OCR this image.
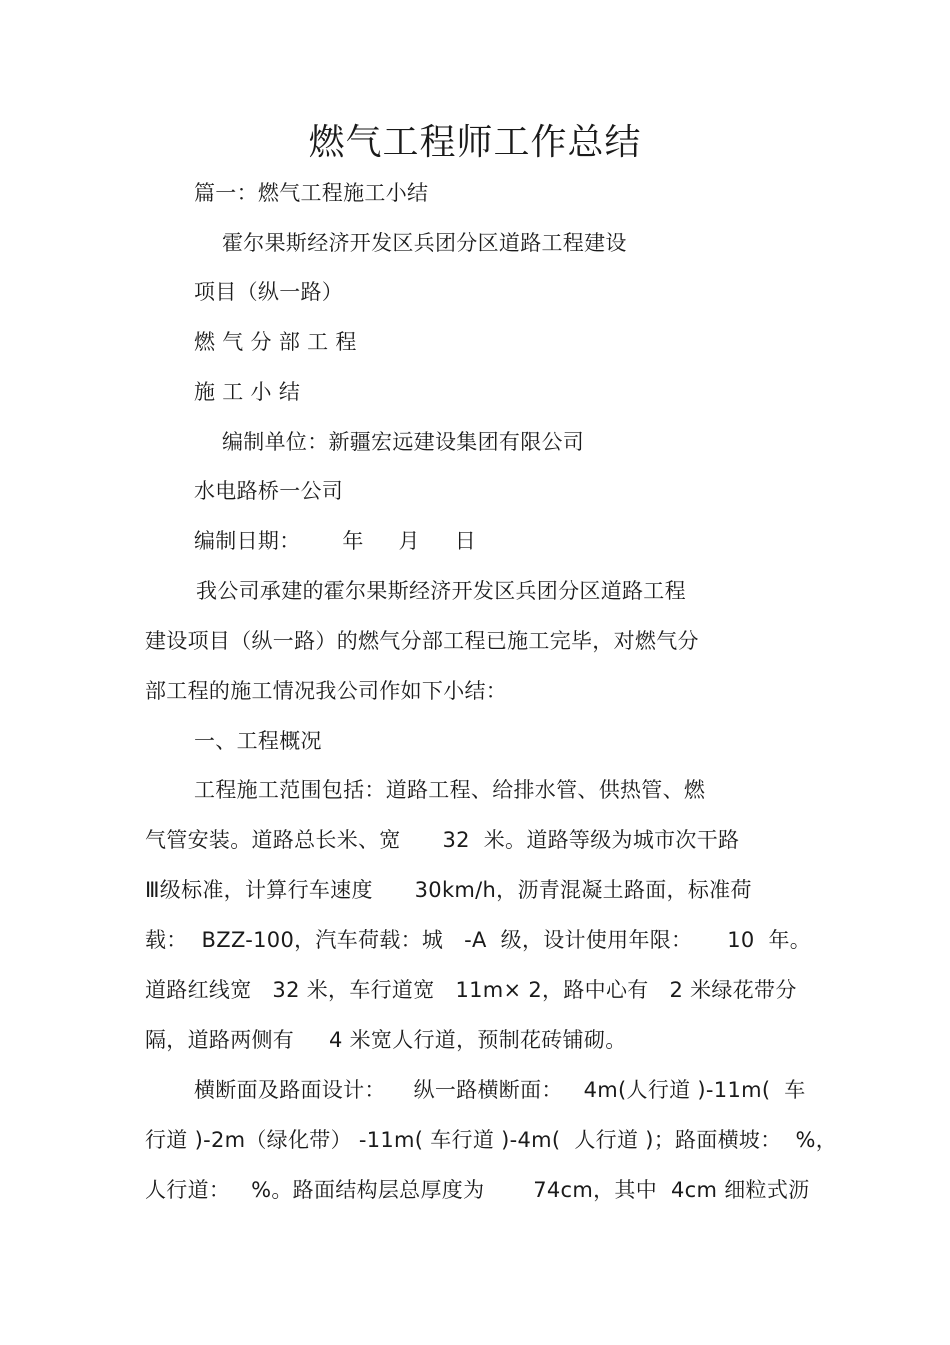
燃气工程师工作总结
篇一：燃气工程施工小结
霍尔果斯经济开发区兵团分区道路工程建设
项目（纵一路）
燃 气 分 部 工 程
施 工 小 结
编制单位：新疆宏远建设集团有限公司
水电路桥一公司
编制日期：      年     月     日
我公司承建的霍尔果斯经济开发区兵团分区道路工程
建设项目（纵一路）的燃气分部工程已施工完毕，对燃气分
部工程的施工情况我公司作如下小结：
一、工程概况
工程施工范围包括：道路工程、给排水管、供热管、燃
气管安装。道路总长米、宽      32  米。道路等级为城市次干路
Ⅲ级标准，计算行车速度      30km/h，沥青混凝土路面，标准荷
载：  BZZ-100，汽车荷载：城   -A  级，设计使用年限：     10  年。
道路红线宽   32 米，车行道宽   11m× 2，路中心有   2 米绿花带分
隔，道路两侧有     4 米宽人行道，预制花砖铺砌。
横断面及路面设计：    纵一路横断面：   4m(人行道 )-11m(  车
行道 )-2m（绿化带） -11m( 车行道 )-4m(  人行道 )；路面横坡：  %，
人行道：   %。路面结构层总厚度为       74cm，其中  4cm 细粒式沥
